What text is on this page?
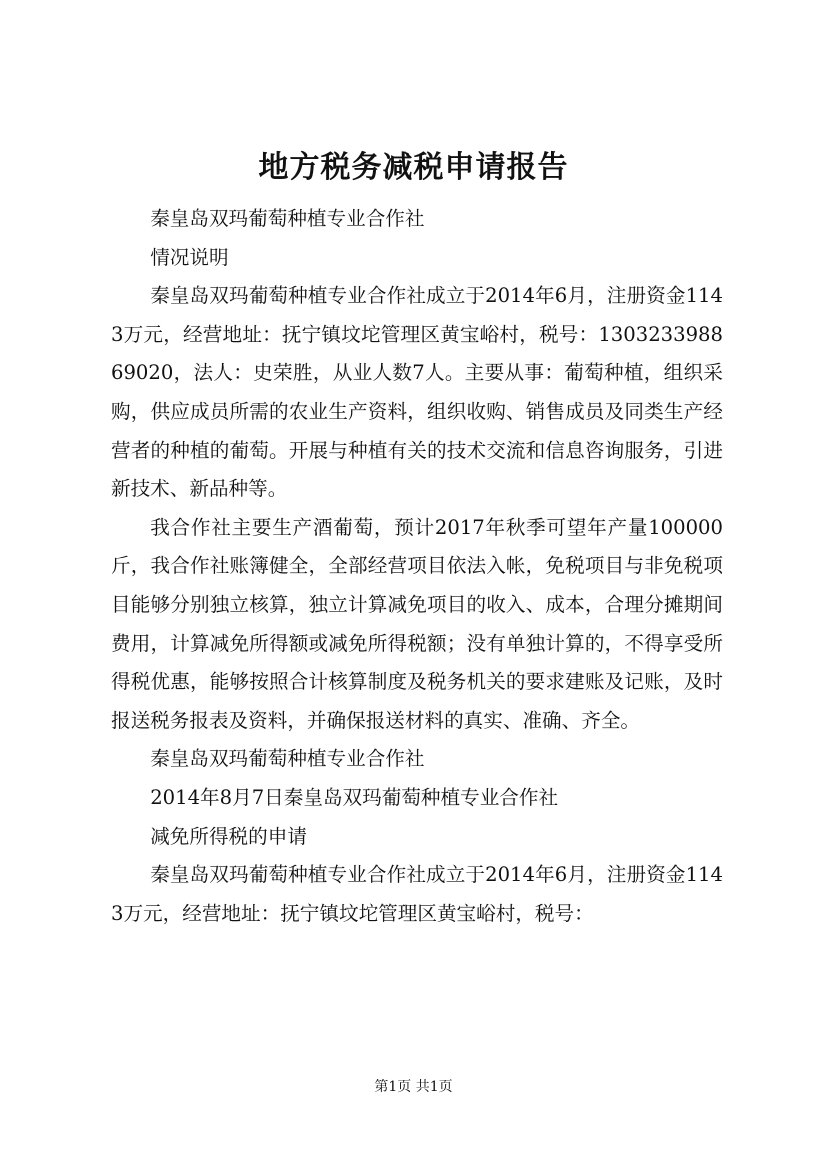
地方税务减税申请报告

秦皇岛双玛葡萄种植专业合作社

情况说明

秦皇岛双玛葡萄种植专业合作社成立于2014年6月，注册资金1143万元，经营地址：抚宁镇坟坨管理区黄宝峪村，税号：130323398869020，法人：史荣胜，从业人数7人。主要从事：葡萄种植，组织采购，供应成员所需的农业生产资料，组织收购、销售成员及同类生产经营者的种植的葡萄。开展与种植有关的技术交流和信息咨询服务，引进新技术、新品种等。

我合作社主要生产酒葡萄，预计2017年秋季可望年产量100000斤，我合作社账簿健全，全部经营项目依法入帐，免税项目与非免税项目能够分别独立核算，独立计算减免项目的收入、成本，合理分摊期间费用，计算减免所得额或减免所得税额；没有单独计算的，不得享受所得税优惠，能够按照合计核算制度及税务机关的要求建账及记账，及时报送税务报表及资料，并确保报送材料的真实、准确、齐全。

秦皇岛双玛葡萄种植专业合作社

2014年8月7日秦皇岛双玛葡萄种植专业合作社

减免所得税的申请

秦皇岛双玛葡萄种植专业合作社成立于2014年6月，注册资金1143万元，经营地址：抚宁镇坟坨管理区黄宝峪村，税号：

第1页 共1页
